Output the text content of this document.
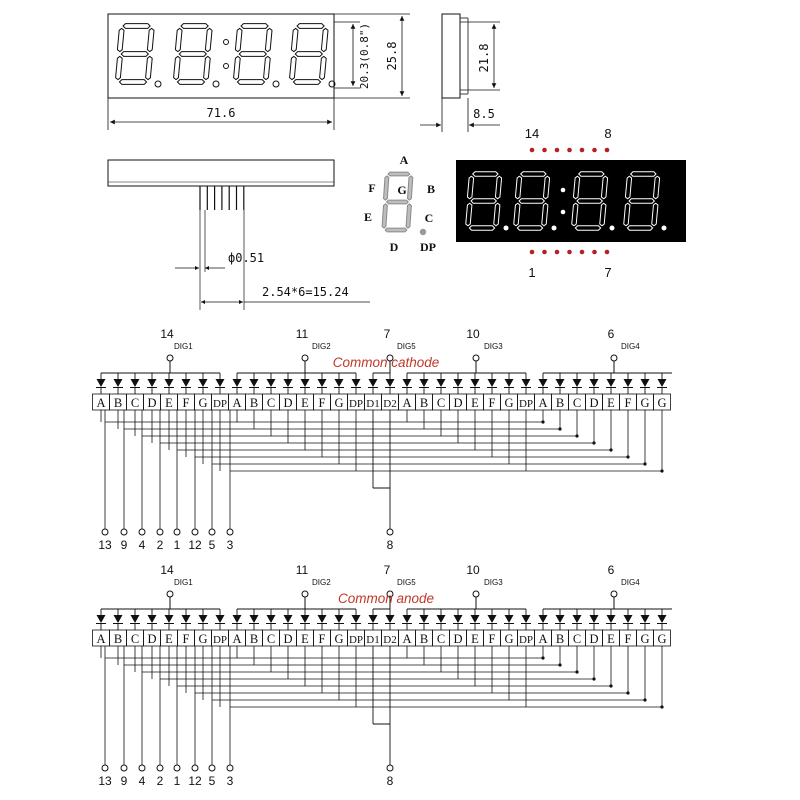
71.6
20.3(0.8") 25.8	21.8
8.5
ф0.51
2.54*6=15.24
A
B
C
D
E
F G
DP
14	8
1	7
14
DIG1
11
DIG2
7
DIG5
10
DIG3
6
DIG4
Common cathode
A B C D E F G DP A B C D E F G DP D1 D2 A B C D E F G DP A B C D E F G G
13 9 4 2 1 12 5 3	8
14
DIG1
11
DIG2
7
DIG5
10
DIG3
6
DIG4
Common anode
A B C D E F G DP A B C D E F G DP D1 D2 A B C D E F G DP A B C D E F G G
13 9 4 2 1 12 5 3	8
